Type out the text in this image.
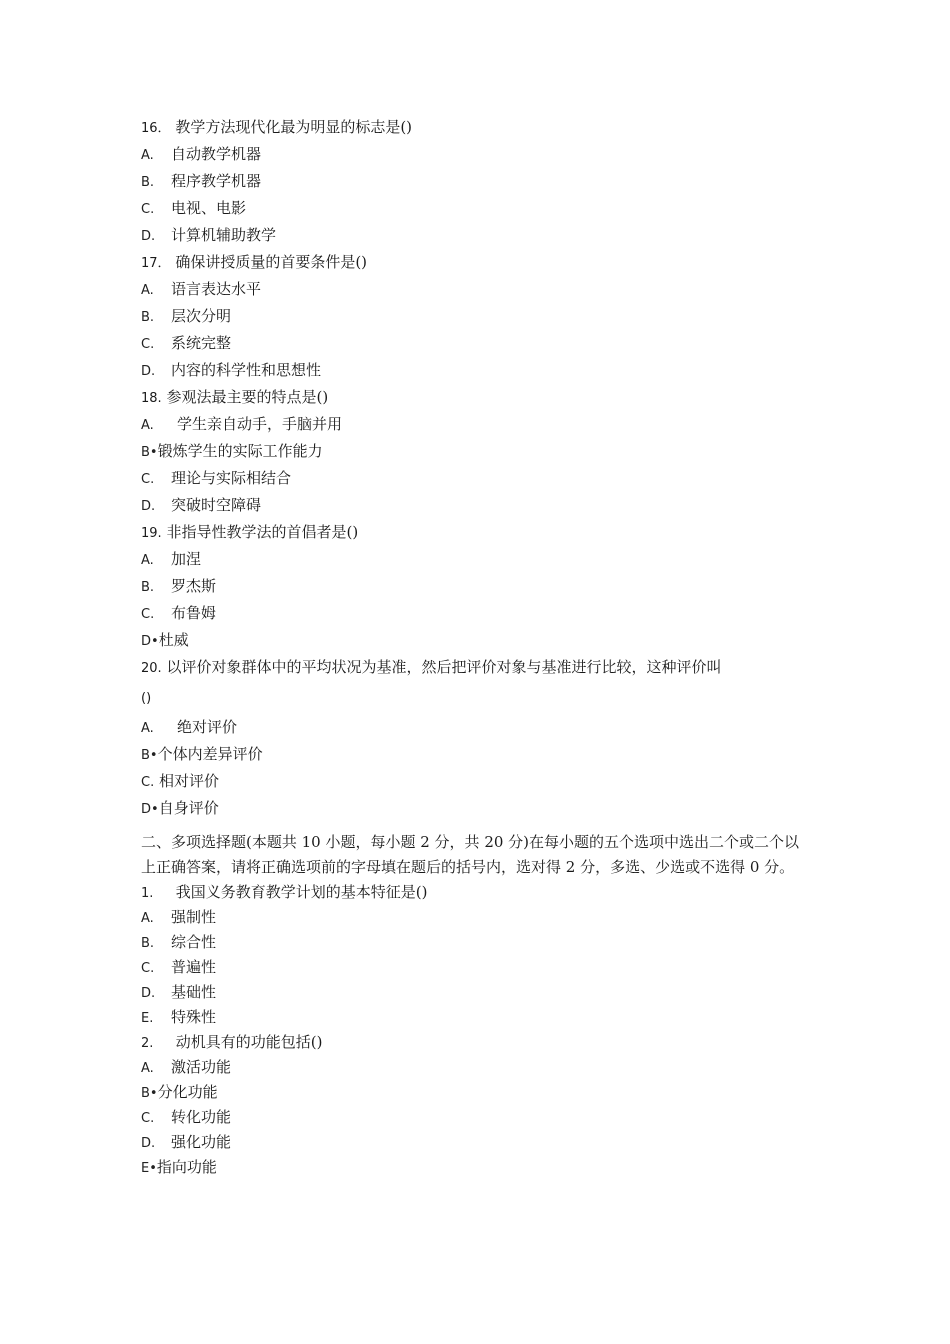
16． 教学方法现代化最为明显的标志是()
A. 自动教学机器
B. 程序教学机器
C. 电视、电影
D. 计算机辅助教学
17． 确保讲授质量的首要条件是()
A. 语言表达水平
B. 层次分明
C. 系统完整
D. 内容的科学性和思想性
18. 参观法最主要的特点是()
A. 学生亲自动手，手脑并用
B•锻炼学生的实际工作能力
C. 理论与实际相结合
D. 突破时空障碍
19. 非指导性教学法的首倡者是()
A. 加涅
B. 罗杰斯
C. 布鲁姆
D•杜威
20. 以评价对象群体中的平均状况为基准，然后把评价对象与基准进行比较，这种评价叫
()
A. 绝对评价
B•个体内差异评价
C. 相对评价
D•自身评价

二、多项选择题(本题共 10 小题，每小题 2 分，共 20 分)在每小题的五个选项中选出二个或二个以上正确答案，请将正确选项前的字母填在题后的括号内，选对得 2 分，多选、少选或不选得 0 分。

1. 我国义务教育教学计划的基本特征是()
A. 强制性
B. 综合性
C. 普遍性
D. 基础性
E. 特殊性
2. 动机具有的功能包括()
A. 激活功能
B•分化功能
C. 转化功能
D. 强化功能
E•指向功能
